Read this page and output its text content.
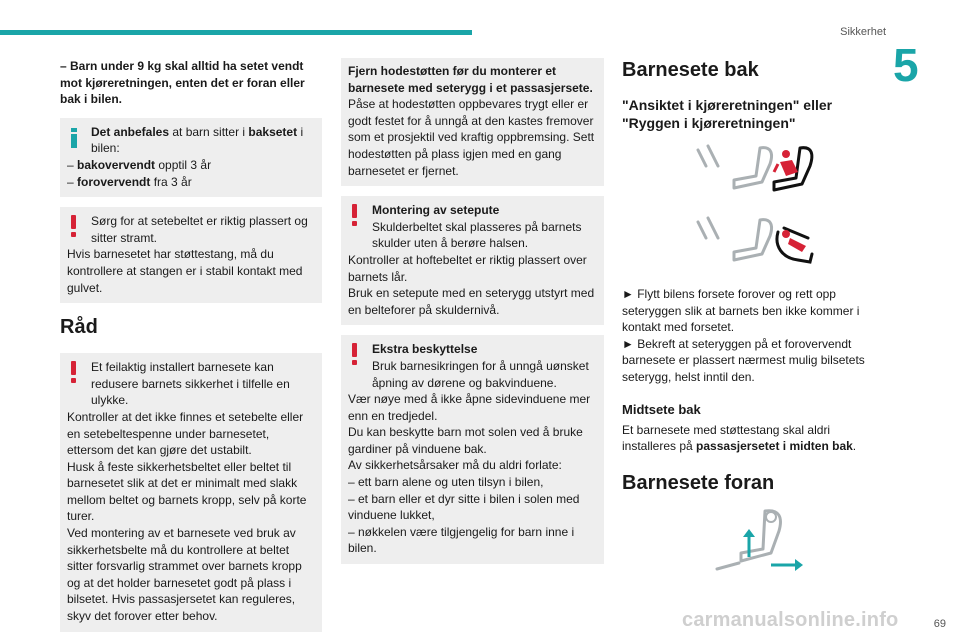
Sikkerhet
5

– Barn under 9 kg skal alltid ha setet vendt mot kjøreretningen, enten det er foran eller bak i bilen.

Det anbefales at barn sitter i baksetet i bilen:

– bakovervendt opptil 3 år

– forovervendt fra 3 år

Sørg for at setebeltet er riktig plassert og sitter stramt.

Hvis barnesetet har støttestang, må du kontrollere at stangen er i stabil kontakt med gulvet.

Råd

Et feilaktig installert barnesete kan redusere barnets sikkerhet i tilfelle en ulykke.

Kontroller at det ikke finnes et setebelte eller en setebeltespenne under barnesetet, ettersom det kan gjøre det ustabilt.

Husk å feste sikkerhetsbeltet eller beltet til barnesetet slik at det er minimalt med slakk mellom beltet og barnets kropp, selv på korte turer.

Ved montering av et barnesete ved bruk av sikkerhetsbelte må du kontrollere at beltet sitter forsvarlig strammet over barnets kropp og at det holder barnesetet godt på plass i bilsetet. Hvis passasjersetet kan reguleres, skyv det forover etter behov.

Fjern hodestøtten før du monterer et barnesete med seterygg i et passasjersete.

Påse at hodestøtten oppbevares trygt eller er godt festet for å unngå at den kastes fremover som et prosjektil ved kraftig oppbremsing. Sett hodestøtten på plass igjen med en gang barnesetet er fjernet.

Montering av setepute

Skulderbeltet skal plasseres på barnets skulder uten å berøre halsen.

Kontroller at hoftebeltet er riktig plassert over barnets lår.

Bruk en setepute med en seterygg utstyrt med en belteforer på skuldernivå.

Ekstra beskyttelse

Bruk barnesikringen for å unngå uønsket åpning av dørene og bakvinduene.

Vær nøye med å ikke åpne sidevinduene mer enn en tredjedel.

Du kan beskytte barn mot solen ved å bruke gardiner på vinduene bak.

Av sikkerhetsårsaker må du aldri forlate:

– ett barn alene og uten tilsyn i bilen,

– et barn eller et dyr sitte i bilen i solen med vinduene lukket,

– nøkkelen være tilgjengelig for barn inne i bilen.

Barnesete bak
"Ansiktet i kjøreretningen" eller "Ryggen i kjøreretningen"

► Flytt bilens forsete forover og rett opp seteryggen slik at barnets ben ikke kommer i kontakt med forsetet.

► Bekreft at seteryggen på et forovervendt barnesete er plassert nærmest mulig bilsetets seterygg, helst inntil den.

Midtsete bak

Et barnesete med støttestang skal aldri installeres på passasjersetet i midten bak.

Barnesete foran
carmanualsonline.info	69
